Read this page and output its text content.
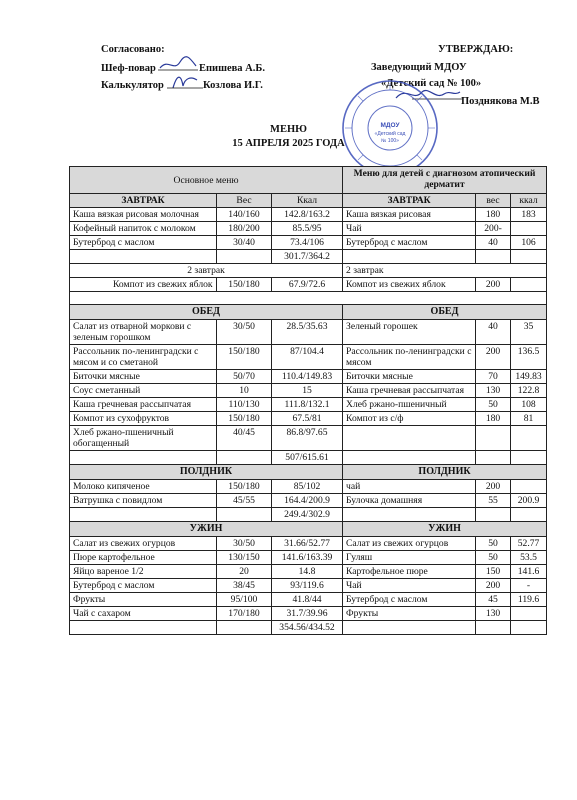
Согласовано:
Шеф-повар	Епишева А.Б.
Калькулятор	Козлова И.Г.
УТВЕРЖДАЮ:
Заведующий МДОУ
«Детский сад № 100»
Позднякова М.В
МДОУ
«Детский сад
№ 100»
МЕНЮ
15 АПРЕЛЯ 2025 ГОДА
Основное меню			Меню для детей с диагнозом атопический дерматит		
ЗАВТРАК	Вес	Ккал	ЗАВТРАК	вес	ккал
Каша вязкая рисовая молочная	140/160	142.8/163.2	Каша вязкая рисовая	180	183
Кофейный напиток с молоком	180/200	85.5/95	Чай	200-	
Бутерброд с маслом	30/40	73.4/106	Бутерброд с маслом	40	106
		301.7/364.2			
2 завтрак			2 завтрак		
Компот из свежих яблок	150/180	67.9/72.6	Компот из свежих яблок	200	

ОБЕД			ОБЕД		
Салат из отварной моркови с зеленым горошком	30/50	28.5/35.63	Зеленый горошек	40	35
Рассольник по-ленинградски с мясом и со сметаной	150/180	87/104.4	Рассольник по-ленинградски с мясом	200	136.5
Биточки мясные	50/70	110.4/149.83	Биточки мясные	70	149.83
Соус сметанный	10	15	Каша гречневая рассыпчатая	130	122.8
Каша гречневая рассыпчатая	110/130	111.8/132.1	Хлеб ржано-пшеничный	50	108
Компот из сухофруктов	150/180	67.5/81	Компот из с/ф	180	81
Хлеб ржано-пшеничный обогащенный	40/45	86.8/97.65			
		507/615.61			
ПОЛДНИК			ПОЛДНИК		
Молоко кипяченое	150/180	85/102	чай	200	
Ватрушка с повидлом	45/55	164.4/200.9	Булочка домашняя	55	200.9
		249.4/302.9			
УЖИН			УЖИН		
Салат из свежих огурцов	30/50	31.66/52.77	Салат из свежих огурцов	50	52.77
Пюре картофельное	130/150	141.6/163.39	Гуляш	50	53.5
Яйцо вареное 1/2	20	14.8	Картофельное пюре	150	141.6
Бутерброд с маслом	38/45	93/119.6	Чай	200	-
Фрукты	95/100	41.8/44	Бутерброд с маслом	45	119.6
Чай с сахаром	170/180	31.7/39.96	Фрукты	130	
		354.56/434.52			
